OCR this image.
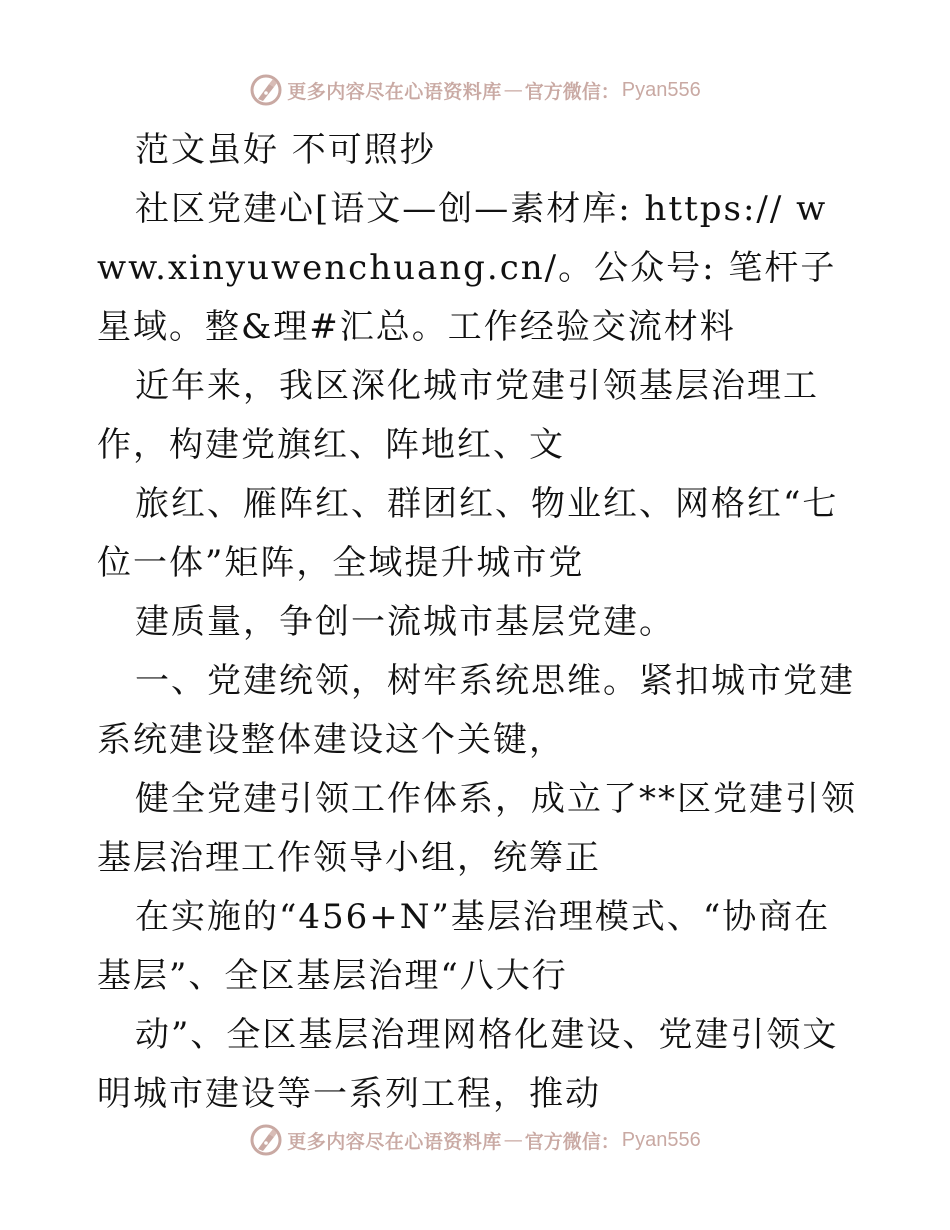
更多内容尽在心语资料库 — 官方微信： Pyan556

范文虽好 不可照抄

社区党建心[语文—创—素材库: https:// www.xinyuwenchuang.cn/。公众号: 笔杆子星域。整&理#汇总。工作经验交流材料

近年来，我区深化城市党建引领基层治理工作，构建党旗红、阵地红、文

旅红、雁阵红、群团红、物业红、网格红“七位一体”矩阵，全域提升城市党

建质量，争创一流城市基层党建。

一、党建统领，树牢系统思维。紧扣城市党建系统建设整体建设这个关键，

健全党建引领工作体系，成立了**区党建引领基层治理工作领导小组，统筹正

在实施的“456+N”基层治理模式、“协商在基层”、全区基层治理“八大行

动”、全区基层治理网格化建设、党建引领文明城市建设等一系列工程，推动

更多内容尽在心语资料库 — 官方微信： Pyan556
